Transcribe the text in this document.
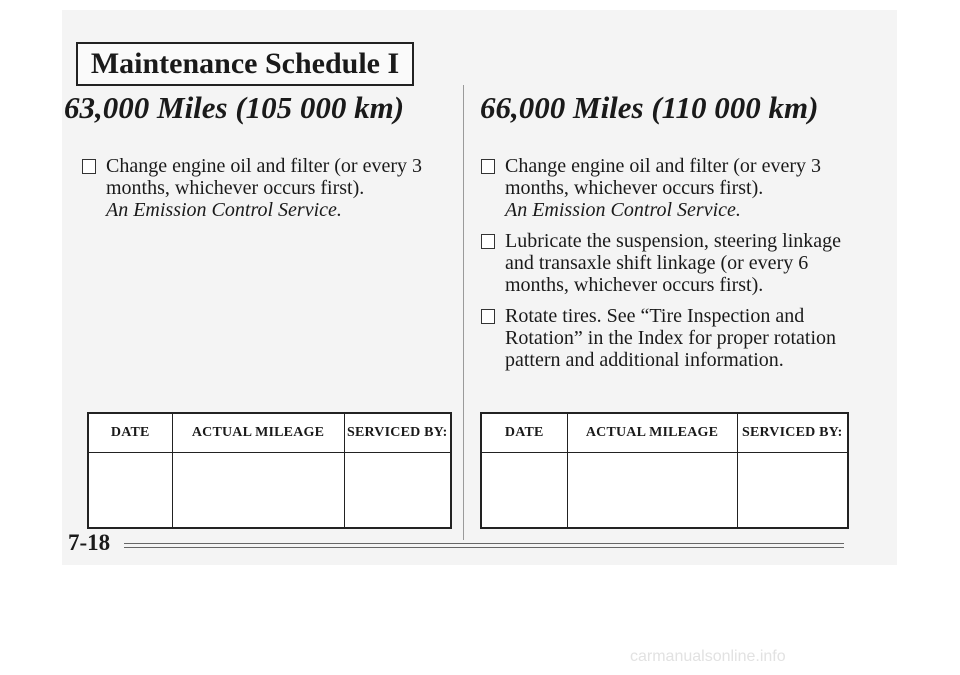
Maintenance Schedule I
63,000 Miles (105 000 km)
Change engine oil and filter (or every 3 months, whichever occurs first).
An Emission Control Service.
66,000 Miles (110 000 km)
Change engine oil and filter (or every 3 months, whichever occurs first).
An Emission Control Service.
Lubricate the suspension, steering linkage and transaxle shift linkage (or every 6 months, whichever occurs first).
Rotate tires. See “Tire Inspection and Rotation” in the Index for proper rotation pattern and additional information.
DATE	ACTUAL MILEAGE	SERVICED BY:
			DATE	ACTUAL MILEAGE	SERVICED BY:

7-18
carmanualsonline.info
